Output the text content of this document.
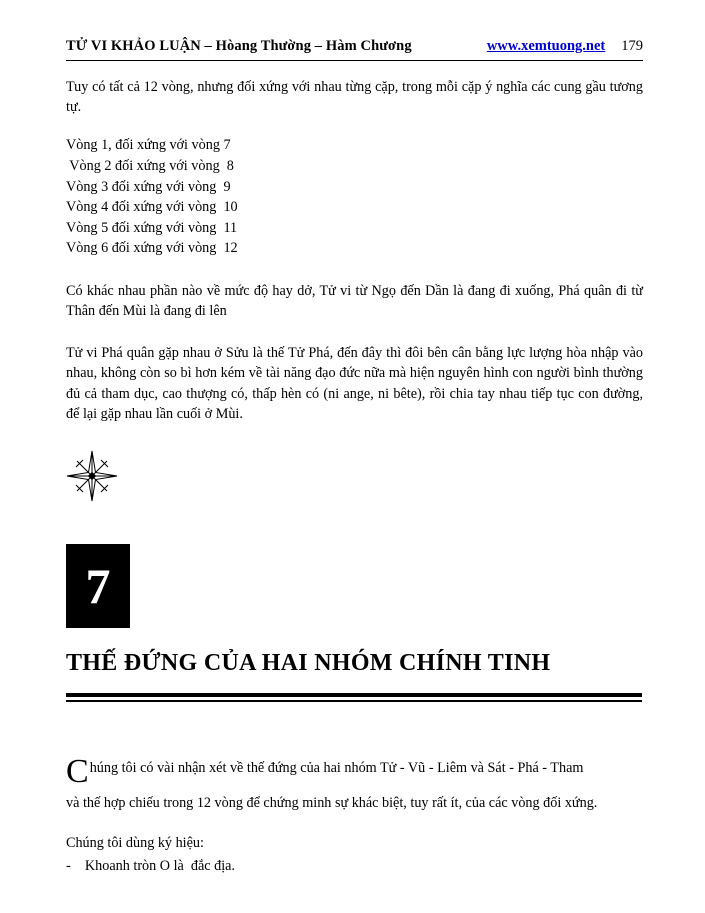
TỬ VI KHẢO LUẬN – Hòang Thường – Hàm Chương	www.xemtuong.net 179

Tuy có tất cả 12 vòng, nhưng đối xứng với nhau từng cặp, trong mỗi cặp ý nghĩa các cung gầu tương tự.

Vòng 1, đối xứng với vòng 7
Vòng 2 đối xứng với vòng  8
Vòng 3 đối xứng với vòng  9
Vòng 4 đối xứng với vòng  10
Vòng 5 đối xứng với vòng  11
Vòng 6 đối xứng với vòng  12

Có khác nhau phần nào về mức độ hay dở, Tử vi từ Ngọ đến Dần là đang đi xuống, Phá quân đi từ Thân đến Mùi là đang đi lên

Tử vi Phá quân gặp nhau ở Sửu là thế Tử Phá, đến đây thì đôi bên cân bằng lực lượng hòa nhập vào nhau, không còn so bì hơn kém về tài năng đạo đức nữa mà hiện nguyên hình con người bình thường đủ cả tham dục, cao thượng có, thấp hèn có (ni ange, ni bête), rồi chia tay nhau tiếp tục con đường, để lại gặp nhau lần cuối ở Mùi.

7
THẾ ĐỨNG CỦA HAI NHÓM CHÍNH TINH
Chúng tôi có vài nhận xét về thế đứng của hai nhóm Tử - Vũ - Liêm và Sát - Phá - Tham
và thế hợp chiếu trong 12 vòng để chứng minh sự khác biệt, tuy rất ít, của các vòng đối xứng.
Chúng tôi dùng ký hiệu:
-    Khoanh tròn O là  đắc địa.
